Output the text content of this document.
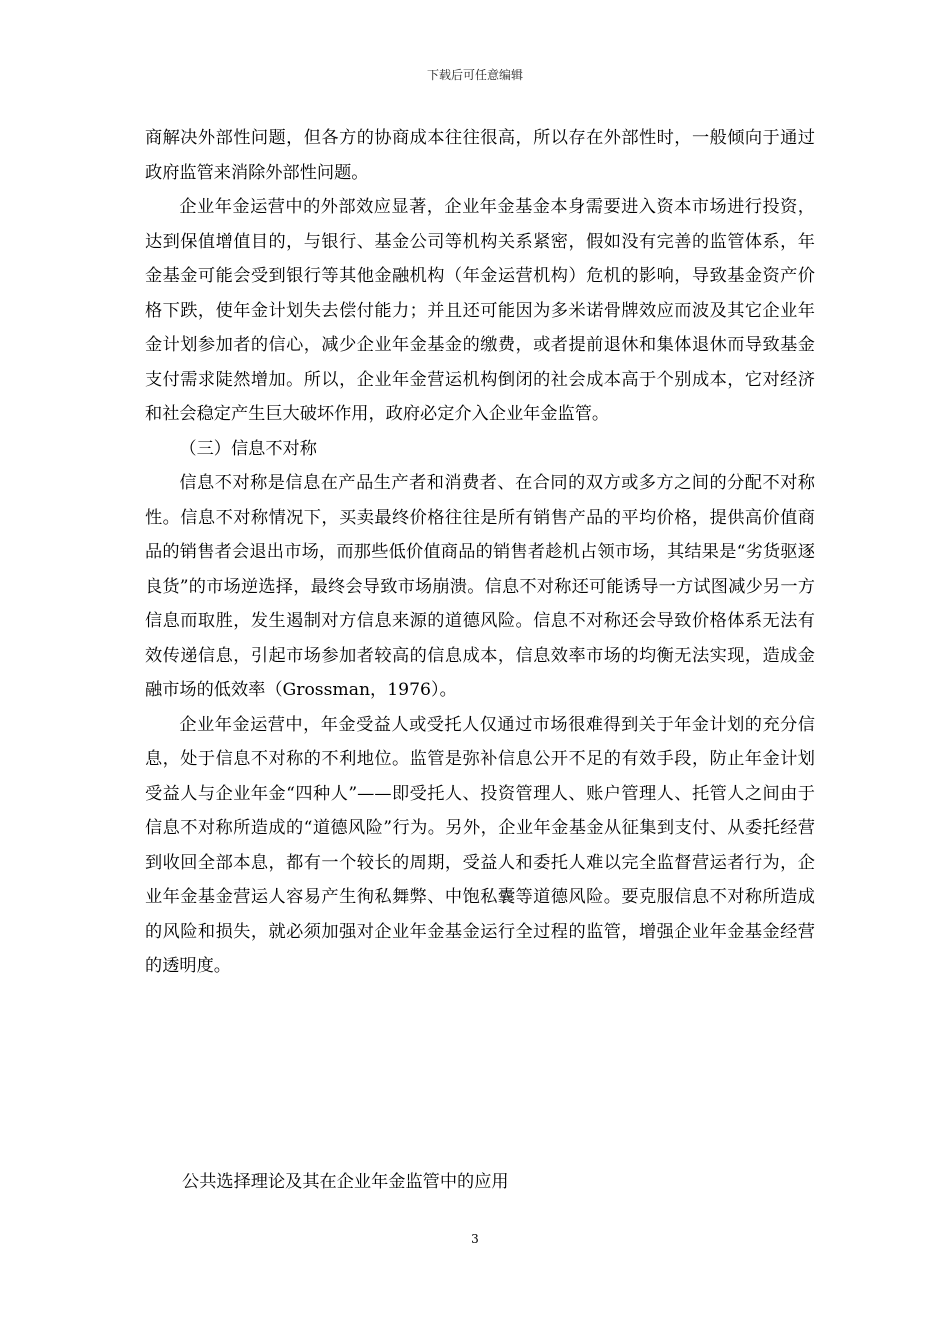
下载后可任意编辑

商解决外部性问题，但各方的协商成本往往很高，所以存在外部性时，一般倾向于通过政府监管来消除外部性问题。

企业年金运营中的外部效应显著，企业年金基金本身需要进入资本市场进行投资，达到保值增值目的，与银行、基金公司等机构关系紧密，假如没有完善的监管体系，年金基金可能会受到银行等其他金融机构（年金运营机构）危机的影响，导致基金资产价格下跌，使年金计划失去偿付能力；并且还可能因为多米诺骨牌效应而波及其它企业年金计划参加者的信心，减少企业年金基金的缴费，或者提前退休和集体退休而导致基金支付需求陡然增加。所以，企业年金营运机构倒闭的社会成本高于个别成本，它对经济和社会稳定产生巨大破坏作用，政府必定介入企业年金监管。

（三）信息不对称

信息不对称是信息在产品生产者和消费者、在合同的双方或多方之间的分配不对称性。信息不对称情况下，买卖最终价格往往是所有销售产品的平均价格，提供高价值商品的销售者会退出市场，而那些低价值商品的销售者趁机占领市场，其结果是“劣货驱逐良货”的市场逆选择，最终会导致市场崩溃。信息不对称还可能诱导一方试图减少另一方信息而取胜，发生遏制对方信息来源的道德风险。信息不对称还会导致价格体系无法有效传递信息，引起市场参加者较高的信息成本，信息效率市场的均衡无法实现，造成金融市场的低效率（Grossman，1976）。

企业年金运营中，年金受益人或受托人仅通过市场很难得到关于年金计划的充分信息，处于信息不对称的不利地位。监管是弥补信息公开不足的有效手段，防止年金计划受益人与企业年金“四种人”——即受托人、投资管理人、账户管理人、托管人之间由于信息不对称所造成的“道德风险”行为。另外，企业年金基金从征集到支付、从委托经营到收回全部本息，都有一个较长的周期，受益人和委托人难以完全监督营运者行为，企业年金基金营运人容易产生徇私舞弊、中饱私囊等道德风险。要克服信息不对称所造成的风险和损失，就必须加强对企业年金基金运行全过程的监管，增强企业年金基金经营的透明度。

公共选择理论及其在企业年金监管中的应用
3
